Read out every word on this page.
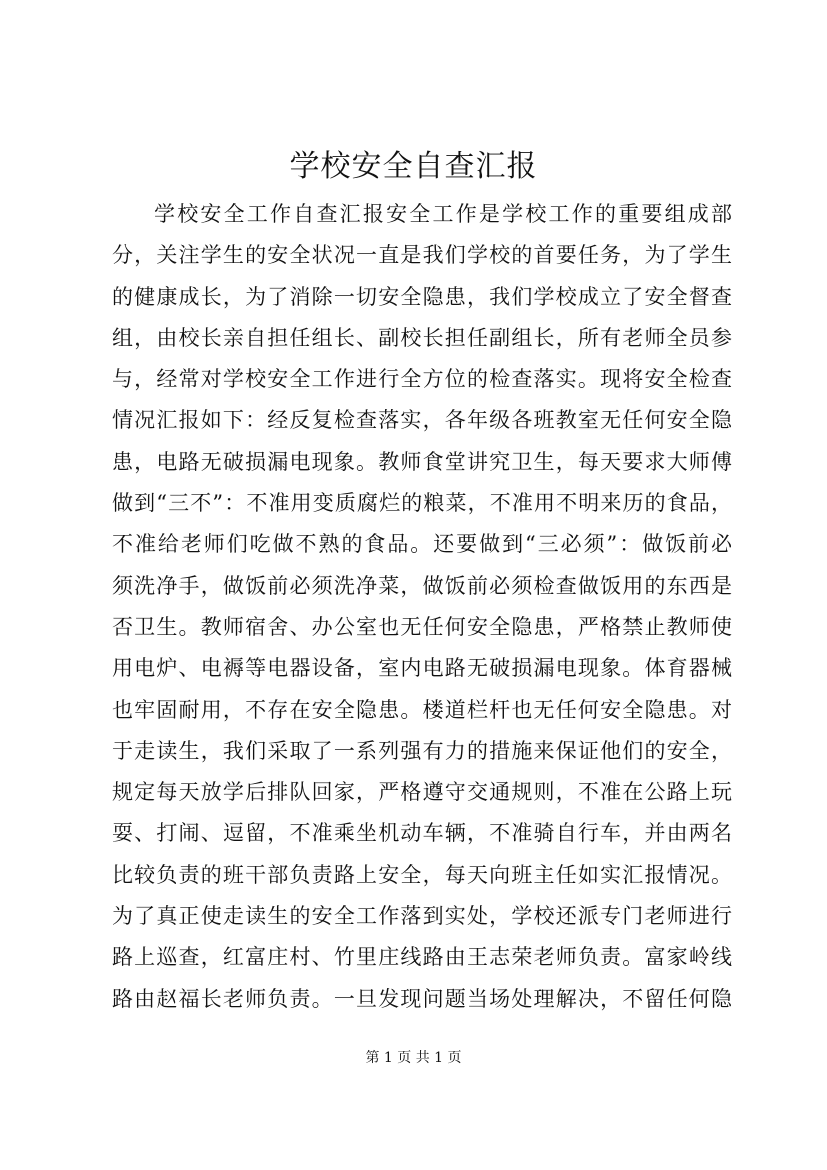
学校安全自查汇报
学校安全工作自查汇报安全工作是学校工作的重要组成部
分，关注学生的安全状况一直是我们学校的首要任务，为了学生
的健康成长，为了消除一切安全隐患，我们学校成立了安全督查
组，由校长亲自担任组长、副校长担任副组长，所有老师全员参
与，经常对学校安全工作进行全方位的检查落实。现将安全检查
情况汇报如下：经反复检查落实，各年级各班教室无任何安全隐
患，电路无破损漏电现象。教师食堂讲究卫生，每天要求大师傅
做到“三不”：不准用变质腐烂的粮菜，不准用不明来历的食品，
不准给老师们吃做不熟的食品。还要做到“三必须”：做饭前必
须洗净手，做饭前必须洗净菜，做饭前必须检查做饭用的东西是
否卫生。教师宿舍、办公室也无任何安全隐患，严格禁止教师使
用电炉、电褥等电器设备，室内电路无破损漏电现象。体育器械
也牢固耐用，不存在安全隐患。楼道栏杆也无任何安全隐患。对
于走读生，我们采取了一系列强有力的措施来保证他们的安全，
规定每天放学后排队回家，严格遵守交通规则，不准在公路上玩
耍、打闹、逗留，不准乘坐机动车辆，不准骑自行车，并由两名
比较负责的班干部负责路上安全，每天向班主任如实汇报情况。
为了真正使走读生的安全工作落到实处，学校还派专门老师进行
路上巡查，红富庄村、竹里庄线路由王志荣老师负责。富家岭线
路由赵福长老师负责。一旦发现问题当场处理解决，不留任何隐
第 1 页 共 1 页
